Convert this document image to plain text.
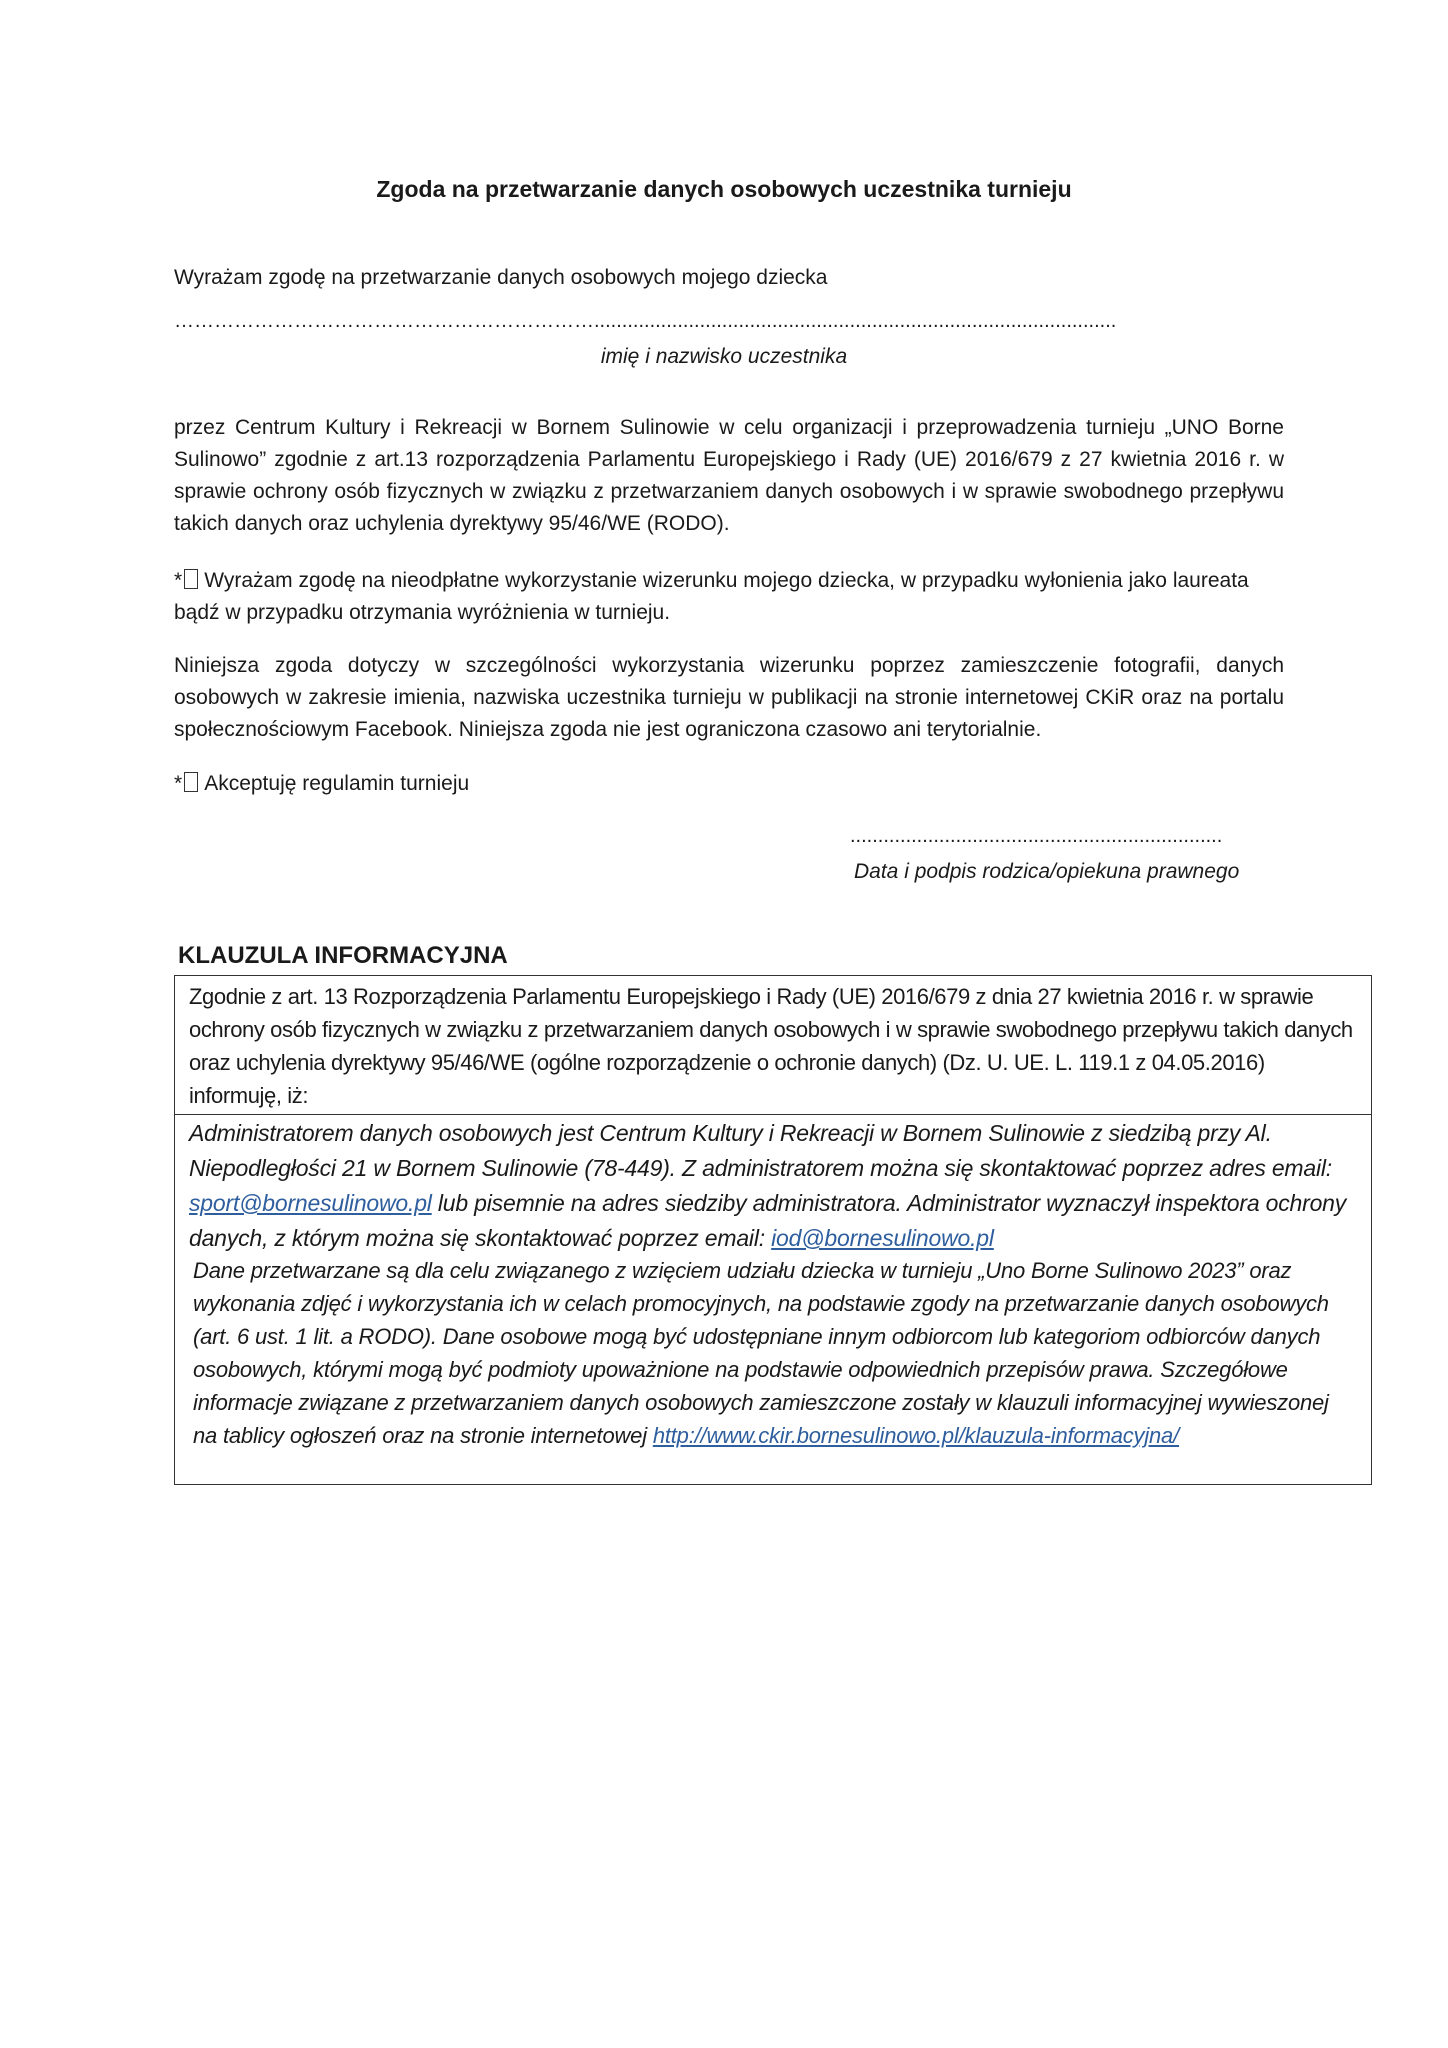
Zgoda na przetwarzanie danych osobowych uczestnika turnieju
Wyrażam zgodę na przetwarzanie danych osobowych mojego dziecka
………………………………………………………..............................................................................................
imię i nazwisko uczestnika
przez Centrum Kultury i Rekreacji w Bornem Sulinowie w celu organizacji i przeprowadzenia turnieju „UNO Borne Sulinowo” zgodnie z art.13 rozporządzenia Parlamentu Europejskiego i Rady (UE) 2016/679 z 27 kwietnia 2016 r. w sprawie ochrony osób fizycznych w związku z przetwarzaniem danych osobowych i w sprawie swobodnego przepływu takich danych oraz uchylenia dyrektywy 95/46/WE (RODO).
* Wyrażam zgodę na nieodpłatne wykorzystanie wizerunku mojego dziecka, w przypadku wyłonienia jako laureata bądź w przypadku otrzymania wyróżnienia w turnieju.
Niniejsza zgoda dotyczy w szczególności wykorzystania wizerunku poprzez zamieszczenie fotografii, danych osobowych w zakresie imienia, nazwiska uczestnika turnieju w publikacji na stronie internetowej CKiR oraz na portalu społecznościowym Facebook. Niniejsza zgoda nie jest ograniczona czasowo ani terytorialnie.
* Akceptuję regulamin turnieju
...................................................................
Data i podpis rodzica/opiekuna prawnego
KLAUZULA INFORMACYJNA
Zgodnie z art. 13 Rozporządzenia Parlamentu Europejskiego i Rady (UE) 2016/679 z dnia 27 kwietnia 2016 r. w sprawie ochrony osób fizycznych w związku z przetwarzaniem danych osobowych i w sprawie swobodnego przepływu takich danych oraz uchylenia dyrektywy 95/46/WE (ogólne rozporządzenie o ochronie danych) (Dz. U. UE. L. 119.1 z 04.05.2016) informuję, iż:
Administratorem danych osobowych jest Centrum Kultury i Rekreacji w Bornem Sulinowie z siedzibą przy Al. Niepodległości 21 w Bornem Sulinowie (78-449). Z administratorem można się skontaktować poprzez adres email: sport@bornesulinowo.pl lub pisemnie na adres siedziby administratora. Administrator wyznaczył inspektora ochrony danych, z którym można się skontaktować poprzez email: iod@bornesulinowo.pl
Dane przetwarzane są dla celu związanego z wzięciem udziału dziecka w turnieju „Uno Borne Sulinowo 2023” oraz wykonania zdjęć i wykorzystania ich w celach promocyjnych, na podstawie zgody na przetwarzanie danych osobowych (art. 6 ust. 1 lit. a RODO). Dane osobowe mogą być udostępniane innym odbiorcom lub kategoriom odbiorców danych osobowych, którymi mogą być podmioty upoważnione na podstawie odpowiednich przepisów prawa. Szczegółowe informacje związane z przetwarzaniem danych osobowych zamieszczone zostały w klauzuli informacyjnej wywieszonej na tablicy ogłoszeń oraz na stronie internetowej http://www.ckir.bornesulinowo.pl/klauzula-informacyjna/
